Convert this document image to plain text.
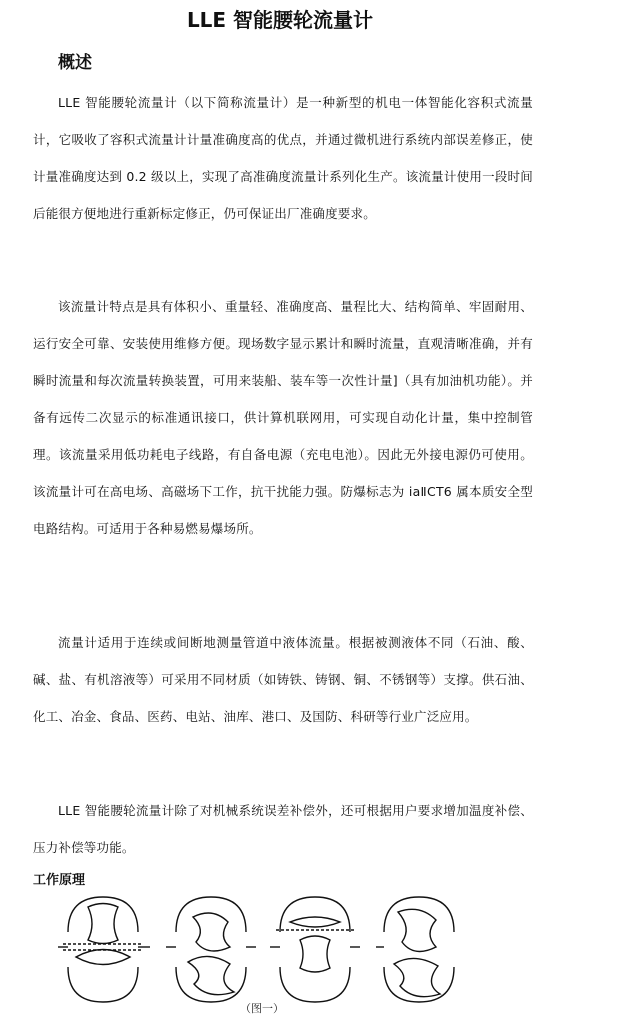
LLE 智能腰轮流量计
概述

LLE 智能腰轮流量计（以下简称流量计）是一种新型的机电一体智能化容积式流量计，它吸收了容积式流量计计量准确度高的优点，并通过微机进行系统内部误差修正，使计量准确度达到 0.2 级以上，实现了高准确度流量计系列化生产。该流量计使用一段时间后能很方便地进行重新标定修正，仍可保证出厂准确度要求。

该流量计特点是具有体积小、重量轻、准确度高、量程比大、结构简单、牢固耐用、运行安全可靠、安装使用维修方便。现场数字显示累计和瞬时流量，直观清晰准确，并有瞬时流量和每次流量转换装置，可用来装船、装车等一次性计量]（具有加油机功能）。并备有远传二次显示的标准通讯接口，供计算机联网用，可实现自动化计量，集中控制管理。该流量采用低功耗电子线路，有自备电源（充电电池）。因此无外接电源仍可使用。该流量计可在高电场、高磁场下工作，抗干扰能力强。防爆标志为 iaⅡCT6 属本质安全型电路结构。可适用于各种易燃易爆场所。

流量计适用于连续或间断地测量管道中液体流量。根据被测液体不同（石油、酸、碱、盐、有机溶液等）可采用不同材质（如铸铁、铸钢、铜、不锈钢等）支撑。供石油、化工、冶金、食品、医药、电站、油库、港口、及国防、科研等行业广泛应用。

LLE 智能腰轮流量计除了对机械系统误差补偿外，还可根据用户要求增加温度补偿、压力补偿等功能。

工作原理
（图一）
